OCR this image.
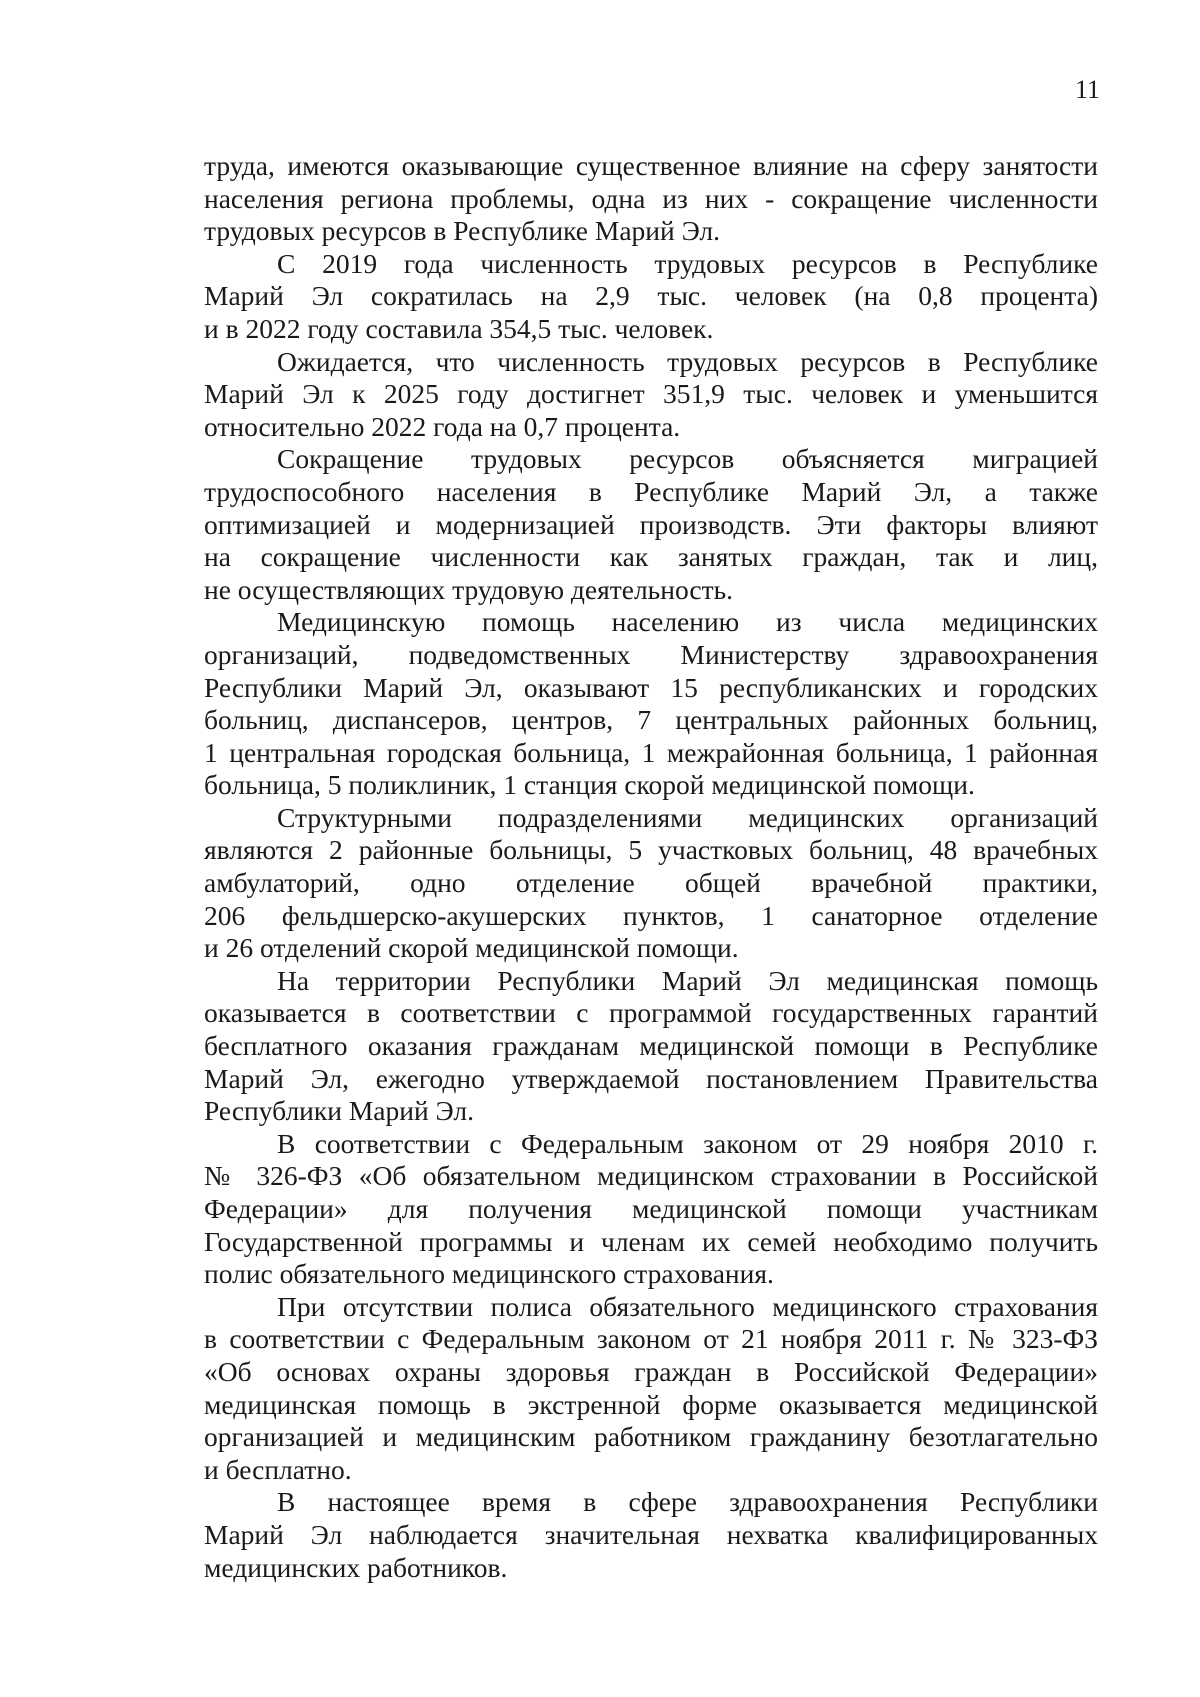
11
труда, имеются оказывающие существенное влияние на сферу занятости
населения региона проблемы, одна из них - сокращение численности
трудовых ресурсов в Республике Марий Эл.
С 2019 года численность трудовых ресурсов в Республике
Марий Эл сократилась на 2,9 тыс. человек (на 0,8 процента)
и в 2022 году составила 354,5 тыс. человек.
Ожидается, что численность трудовых ресурсов в Республике
Марий Эл к 2025 году достигнет 351,9 тыс. человек и уменьшится
относительно 2022 года на 0,7 процента.
Сокращение трудовых ресурсов объясняется миграцией
трудоспособного населения в Республике Марий Эл, а также
оптимизацией и модернизацией производств. Эти факторы влияют
на сокращение численности как занятых граждан, так и лиц,
не осуществляющих трудовую деятельность.
Медицинскую помощь населению из числа медицинских
организаций, подведомственных Министерству здравоохранения
Республики Марий Эл, оказывают 15 республиканских и городских
больниц, диспансеров, центров, 7 центральных районных больниц,
1 центральная городская больница, 1 межрайонная больница, 1 районная
больница, 5 поликлиник, 1 станция скорой медицинской помощи.
Структурными подразделениями медицинских организаций
являются 2 районные больницы, 5 участковых больниц, 48 врачебных
амбулаторий, одно отделение общей врачебной практики,
206 фельдшерско-акушерских пунктов, 1 санаторное отделение
и 26 отделений скорой медицинской помощи.
На территории Республики Марий Эл медицинская помощь
оказывается в соответствии с программой государственных гарантий
бесплатного оказания гражданам медицинской помощи в Республике
Марий Эл, ежегодно утверждаемой постановлением Правительства
Республики Марий Эл.
В соответствии с Федеральным законом от 29 ноября 2010 г.
№ 326-ФЗ «Об обязательном медицинском страховании в Российской
Федерации» для получения медицинской помощи участникам
Государственной программы и членам их семей необходимо получить
полис обязательного медицинского страхования.
При отсутствии полиса обязательного медицинского страхования
в соответствии с Федеральным законом от 21 ноября 2011 г. № 323-ФЗ
«Об основах охраны здоровья граждан в Российской Федерации»
медицинская помощь в экстренной форме оказывается медицинской
организацией и медицинским работником гражданину безотлагательно
и бесплатно.
В настоящее время в сфере здравоохранения Республики
Марий Эл наблюдается значительная нехватка квалифицированных
медицинских работников.
